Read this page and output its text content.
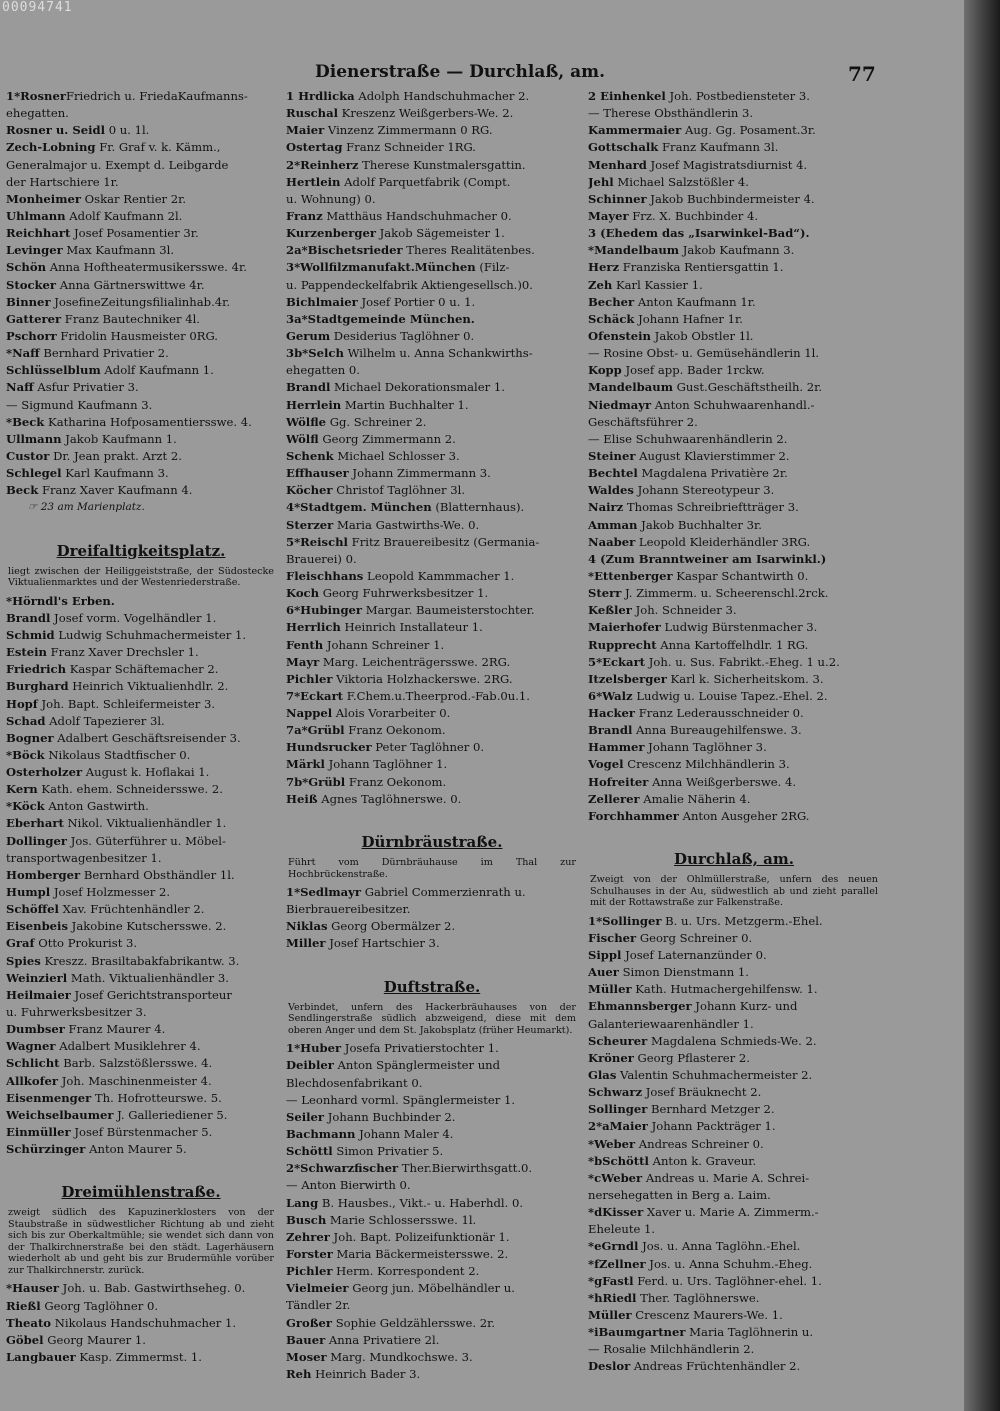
00094741
Dienerstraße — Durchlaß, am.	77
1*RosnerFriedrich u. FriedaKaufmanns-
ehegatten.
Rosner u. Seidl 0 u. 1l.
Zech-Lobning Fr. Graf v. k. Kämm.,
Generalmajor u. Exempt d. Leibgarde
der Hartschiere 1r.
Monheimer Oskar Rentier 2r.
Uhlmann Adolf Kaufmann 2l.
Reichhart Josef Posamentier 3r.
Levinger Max Kaufmann 3l.
Schön Anna Hoftheatermusikersswe. 4r.
Stocker Anna Gärtnerswittwe 4r.
Binner JosefineZeitungsfilialinhab.4r.
Gatterer Franz Bautechniker 4l.
Pschorr Fridolin Hausmeister 0RG.
*Naff Bernhard Privatier 2.
Schlüsselblum Adolf Kaufmann 1.
Naff Asfur Privatier 3.
— Sigmund Kaufmann 3.
*Beck Katharina Hofposamentiersswe. 4.
Ullmann Jakob Kaufmann 1.
Custor Dr. Jean prakt. Arzt 2.
Schlegel Karl Kaufmann 3.
Beck Franz Xaver Kaufmann 4.
☞ 23 am Marienplatz.
Dreifaltigkeitsplatz.
liegt zwischen der Heiliggeiststraße, der Südostecke Viktualienmarktes und der Westenriederstraße.
*Hörndl's Erben.
Brandl Josef vorm. Vogelhändler 1.
Schmid Ludwig Schuhmachermeister 1.
Estein Franz Xaver Drechsler 1.
Friedrich Kaspar Schäftemacher 2.
Burghard Heinrich Viktualienhdlr. 2.
Hopf Joh. Bapt. Schleifermeister 3.
Schad Adolf Tapezierer 3l.
Bogner Adalbert Geschäftsreisender 3.
*Böck Nikolaus Stadtfischer 0.
Osterholzer August k. Hoflakai 1.
Kern Kath. ehem. Schneidersswe. 2.
*Köck Anton Gastwirth.
Eberhart Nikol. Viktualienhändler 1.
Dollinger Jos. Güterführer u. Möbel-
transportwagenbesitzer 1.
Homberger Bernhard Obsthändler 1l.
Humpl Josef Holzmesser 2.
Schöffel Xav. Früchtenhändler 2.
Eisenbeis Jakobine Kutschersswe. 2.
Graf Otto Prokurist 3.
Spies Kreszz. Brasiltabakfabrikantw. 3.
Weinzierl Math. Viktualienhändler 3.
Heilmaier Josef Gerichtstransporteur
u. Fuhrwerksbesitzer 3.
Dumbser Franz Maurer 4.
Wagner Adalbert Musiklehrer 4.
Schlicht Barb. Salzstößlersswe. 4.
Allkofer Joh. Maschinenmeister 4.
Eisenmenger Th. Hofrotteurswe. 5.
Weichselbaumer J. Galleriediener 5.
Einmüller Josef Bürstenmacher 5.
Schürzinger Anton Maurer 5.
Dreimühlenstraße.
zweigt südlich des Kapuzinerklosters von der Staubstraße in südwestlicher Richtung ab und zieht sich bis zur Oberkaltmühle; sie wendet sich dann von der Thalkirchnerstraße bei den städt. Lagerhäusern wiederholt ab und geht bis zur Brudermühle vorüber zur Thalkirchnerstr. zurück.
*Hauser Joh. u. Bab. Gastwirthseheg. 0.
Rießl Georg Taglöhner 0.
Theato Nikolaus Handschuhmacher 1.
Göbel Georg Maurer 1.
Langbauer Kasp. Zimmermst. 1.
1 Hrdlicka Adolph Handschuhmacher 2.
Ruschal Kreszenz Weißgerbers-We. 2.
Maier Vinzenz Zimmermann 0 RG.
Ostertag Franz Schneider 1RG.
2*Reinherz Therese Kunstmalersgattin.
Hertlein Adolf Parquetfabrik (Compt.
u. Wohnung) 0.
Franz Matthäus Handschuhmacher 0.
Kurzenberger Jakob Sägemeister 1.
2a*Bischetsrieder Theres Realitätenbes.
3*Wollfilzmanufakt.München (Filz-
u. Pappendeckelfabrik Aktiengesellsch.)0.
Bichlmaier Josef Portier 0 u. 1.
3a*Stadtgemeinde München.
Gerum Desiderius Taglöhner 0.
3b*Selch Wilhelm u. Anna Schankwirths-
ehegatten 0.
Brandl Michael Dekorationsmaler 1.
Herrlein Martin Buchhalter 1.
Wölfle Gg. Schreiner 2.
Wölfl Georg Zimmermann 2.
Schenk Michael Schlosser 3.
Effhauser Johann Zimmermann 3.
Köcher Christof Taglöhner 3l.
4*Stadtgem. München (Blatternhaus).
Sterzer Maria Gastwirths-We. 0.
5*Reischl Fritz Brauereibesitz (Germania-
Brauerei) 0.
Fleischhans Leopold Kammmacher 1.
Koch Georg Fuhrwerksbesitzer 1.
6*Hubinger Margar. Baumeisterstochter.
Herrlich Heinrich Installateur 1.
Fenth Johann Schreiner 1.
Mayr Marg. Leichenträgersswe. 2RG.
Pichler Viktoria Holzhackerswe. 2RG.
7*Eckart F.Chem.u.Theerprod.-Fab.0u.1.
Nappel Alois Vorarbeiter 0.
7a*Grübl Franz Oekonom.
Hundsrucker Peter Taglöhner 0.
Märkl Johann Taglöhner 1.
7b*Grübl Franz Oekonom.
Heiß Agnes Taglöhnerswe. 0.
Dürnbräustraße.
Führt vom Dürnbräuhause im Thal zur Hochbrückenstraße.
1*Sedlmayr Gabriel Commerzienrath u.
Bierbrauereibesitzer.
Niklas Georg Obermälzer 2.
Miller Josef Hartschier 3.
Duftstraße.
Verbindet, unfern des Hackerbräuhauses von der Sendlingerstraße südlich abzweigend, diese mit dem oberen Anger und dem St. Jakobsplatz (früher Heumarkt).
1*Huber Josefa Privatierstochter 1.
Deibler Anton Spänglermeister und
Blechdosenfabrikant 0.
— Leonhard vorml. Spänglermeister 1.
Seiler Johann Buchbinder 2.
Bachmann Johann Maler 4.
Schöttl Simon Privatier 5.
2*Schwarzfischer Ther.Bierwirthsgatt.0.
— Anton Bierwirth 0.
Lang B. Hausbes., Vikt.- u. Haberhdl. 0.
Busch Marie Schlossersswe. 1l.
Zehrer Joh. Bapt. Polizeifunktionär 1.
Forster Maria Bäckermeistersswe. 2.
Pichler Herm. Korrespondent 2.
Vielmeier Georg jun. Möbelhändler u.
Tändler 2r.
Großer Sophie Geldzählersswe. 2r.
Bauer Anna Privatiere 2l.
Moser Marg. Mundkochswe. 3.
Reh Heinrich Bader 3.
2 Einhenkel Joh. Postbediensteter 3.
— Therese Obsthändlerin 3.
Kammermaier Aug. Gg. Posament.3r.
Gottschalk Franz Kaufmann 3l.
Menhard Josef Magistratsdiurnist 4.
Jehl Michael Salzstößler 4.
Schinner Jakob Buchbindermeister 4.
Mayer Frz. X. Buchbinder 4.
3 (Ehedem das „Isarwinkel-Bad“).
*Mandelbaum Jakob Kaufmann 3.
Herz Franziska Rentiersgattin 1.
Zeh Karl Kassier 1.
Becher Anton Kaufmann 1r.
Schäck Johann Hafner 1r.
Ofenstein Jakob Obstler 1l.
— Rosine Obst- u. Gemüsehändlerin 1l.
Kopp Josef app. Bader 1rckw.
Mandelbaum Gust.Geschäftstheilh. 2r.
Niedmayr Anton Schuhwaarenhandl.-
Geschäftsführer 2.
— Elise Schuhwaarenhändlerin 2.
Steiner August Klavierstimmer 2.
Bechtel Magdalena Privatière 2r.
Waldes Johann Stereotypeur 3.
Nairz Thomas Schreibrieftträger 3.
Amman Jakob Buchhalter 3r.
Naaber Leopold Kleiderhändler 3RG.
4 (Zum Branntweiner am Isarwinkl.)
*Ettenberger Kaspar Schantwirth 0.
Sterr J. Zimmerm. u. Scheerenschl.2rck.
Keßler Joh. Schneider 3.
Maierhofer Ludwig Bürstenmacher 3.
Rupprecht Anna Kartoffelhdlr. 1 RG.
5*Eckart Joh. u. Sus. Fabrikt.-Eheg. 1 u.2.
Itzelsberger Karl k. Sicherheitskom. 3.
6*Walz Ludwig u. Louise Tapez.-Ehel. 2.
Hacker Franz Lederausschneider 0.
Brandl Anna Bureaugehilfenswe. 3.
Hammer Johann Taglöhner 3.
Vogel Crescenz Milchhändlerin 3.
Hofreiter Anna Weißgerberswe. 4.
Zellerer Amalie Näherin 4.
Forchhammer Anton Ausgeher 2RG.
Durchlaß, am.
Zweigt von der Ohlmüllerstraße, unfern des neuen Schulhauses in der Au, südwestlich ab und zieht parallel mit der Rottawstraße zur Falkenstraße.
1*Sollinger B. u. Urs. Metzgerm.-Ehel.
Fischer Georg Schreiner 0.
Sippl Josef Laternanzünder 0.
Auer Simon Dienstmann 1.
Müller Kath. Hutmachergehilfensw. 1.
Ehmannsberger Johann Kurz- und
Galanteriewaarenhändler 1.
Scheurer Magdalena Schmieds-We. 2.
Kröner Georg Pflasterer 2.
Glas Valentin Schuhmachermeister 2.
Schwarz Josef Bräuknecht 2.
Sollinger Bernhard Metzger 2.
2*aMaier Johann Packträger 1.
*Weber Andreas Schreiner 0.
*bSchöttl Anton k. Graveur.
*cWeber Andreas u. Marie A. Schrei-
nersehegatten in Berg a. Laim.
*dKisser Xaver u. Marie A. Zimmerm.-
Eheleute 1.
*eGrndl Jos. u. Anna Taglöhn.-Ehel.
*fZellner Jos. u. Anna Schuhm.-Eheg.
*gFastl Ferd. u. Urs. Taglöhner-ehel. 1.
*hRiedl Ther. Taglöhnerswe.
Müller Crescenz Maurers-We. 1.
*iBaumgartner Maria Taglöhnerin u.
— Rosalie Milchhändlerin 2.
Deslor Andreas Früchtenhändler 2.
